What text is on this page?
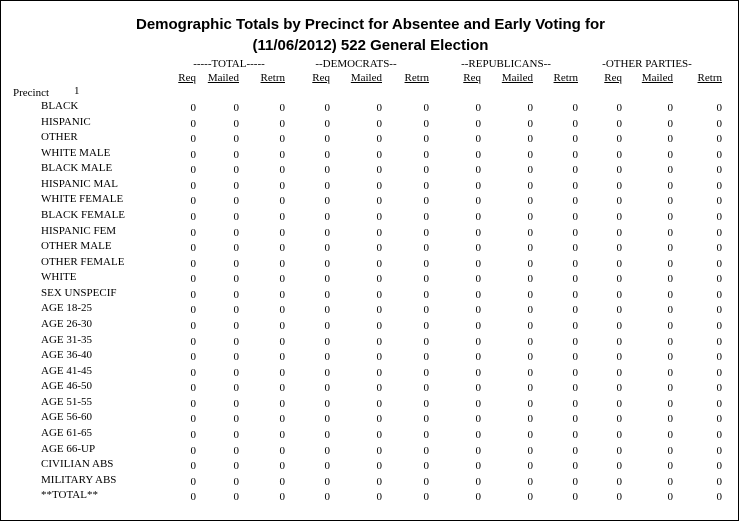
Demographic Totals by Precinct for Absentee and Early Voting for
(11/06/2012) 522 General Election
-----TOTAL-----	--DEMOCRATS--	--REPUBLICANS--	-OTHER PARTIES-
Precinct 1
Req	Mailed	Retrn	Req	Mailed	Retrn	Req	Mailed	Retrn	Req	Mailed	Retrn
BLACK	0	0	0	0	0	0	0	0	0	0	0	0
HISPANIC	0	0	0	0	0	0	0	0	0	0	0	0
OTHER	0	0	0	0	0	0	0	0	0	0	0	0
WHITE MALE	0	0	0	0	0	0	0	0	0	0	0	0
BLACK MALE	0	0	0	0	0	0	0	0	0	0	0	0
HISPANIC MAL	0	0	0	0	0	0	0	0	0	0	0	0
WHITE FEMALE	0	0	0	0	0	0	0	0	0	0	0	0
BLACK FEMALE	0	0	0	0	0	0	0	0	0	0	0	0
HISPANIC FEM	0	0	0	0	0	0	0	0	0	0	0	0
OTHER MALE	0	0	0	0	0	0	0	0	0	0	0	0
OTHER FEMALE	0	0	0	0	0	0	0	0	0	0	0	0
WHITE	0	0	0	0	0	0	0	0	0	0	0	0
SEX UNSPECIF	0	0	0	0	0	0	0	0	0	0	0	0
AGE 18-25	0	0	0	0	0	0	0	0	0	0	0	0
AGE 26-30	0	0	0	0	0	0	0	0	0	0	0	0
AGE 31-35	0	0	0	0	0	0	0	0	0	0	0	0
AGE 36-40	0	0	0	0	0	0	0	0	0	0	0	0
AGE 41-45	0	0	0	0	0	0	0	0	0	0	0	0
AGE 46-50	0	0	0	0	0	0	0	0	0	0	0	0
AGE 51-55	0	0	0	0	0	0	0	0	0	0	0	0
AGE 56-60	0	0	0	0	0	0	0	0	0	0	0	0
AGE 61-65	0	0	0	0	0	0	0	0	0	0	0	0
AGE 66-UP	0	0	0	0	0	0	0	0	0	0	0	0
CIVILIAN ABS	0	0	0	0	0	0	0	0	0	0	0	0
MILITARY ABS	0	0	0	0	0	0	0	0	0	0	0	0
**TOTAL**	0	0	0	0	0	0	0	0	0	0	0	0
